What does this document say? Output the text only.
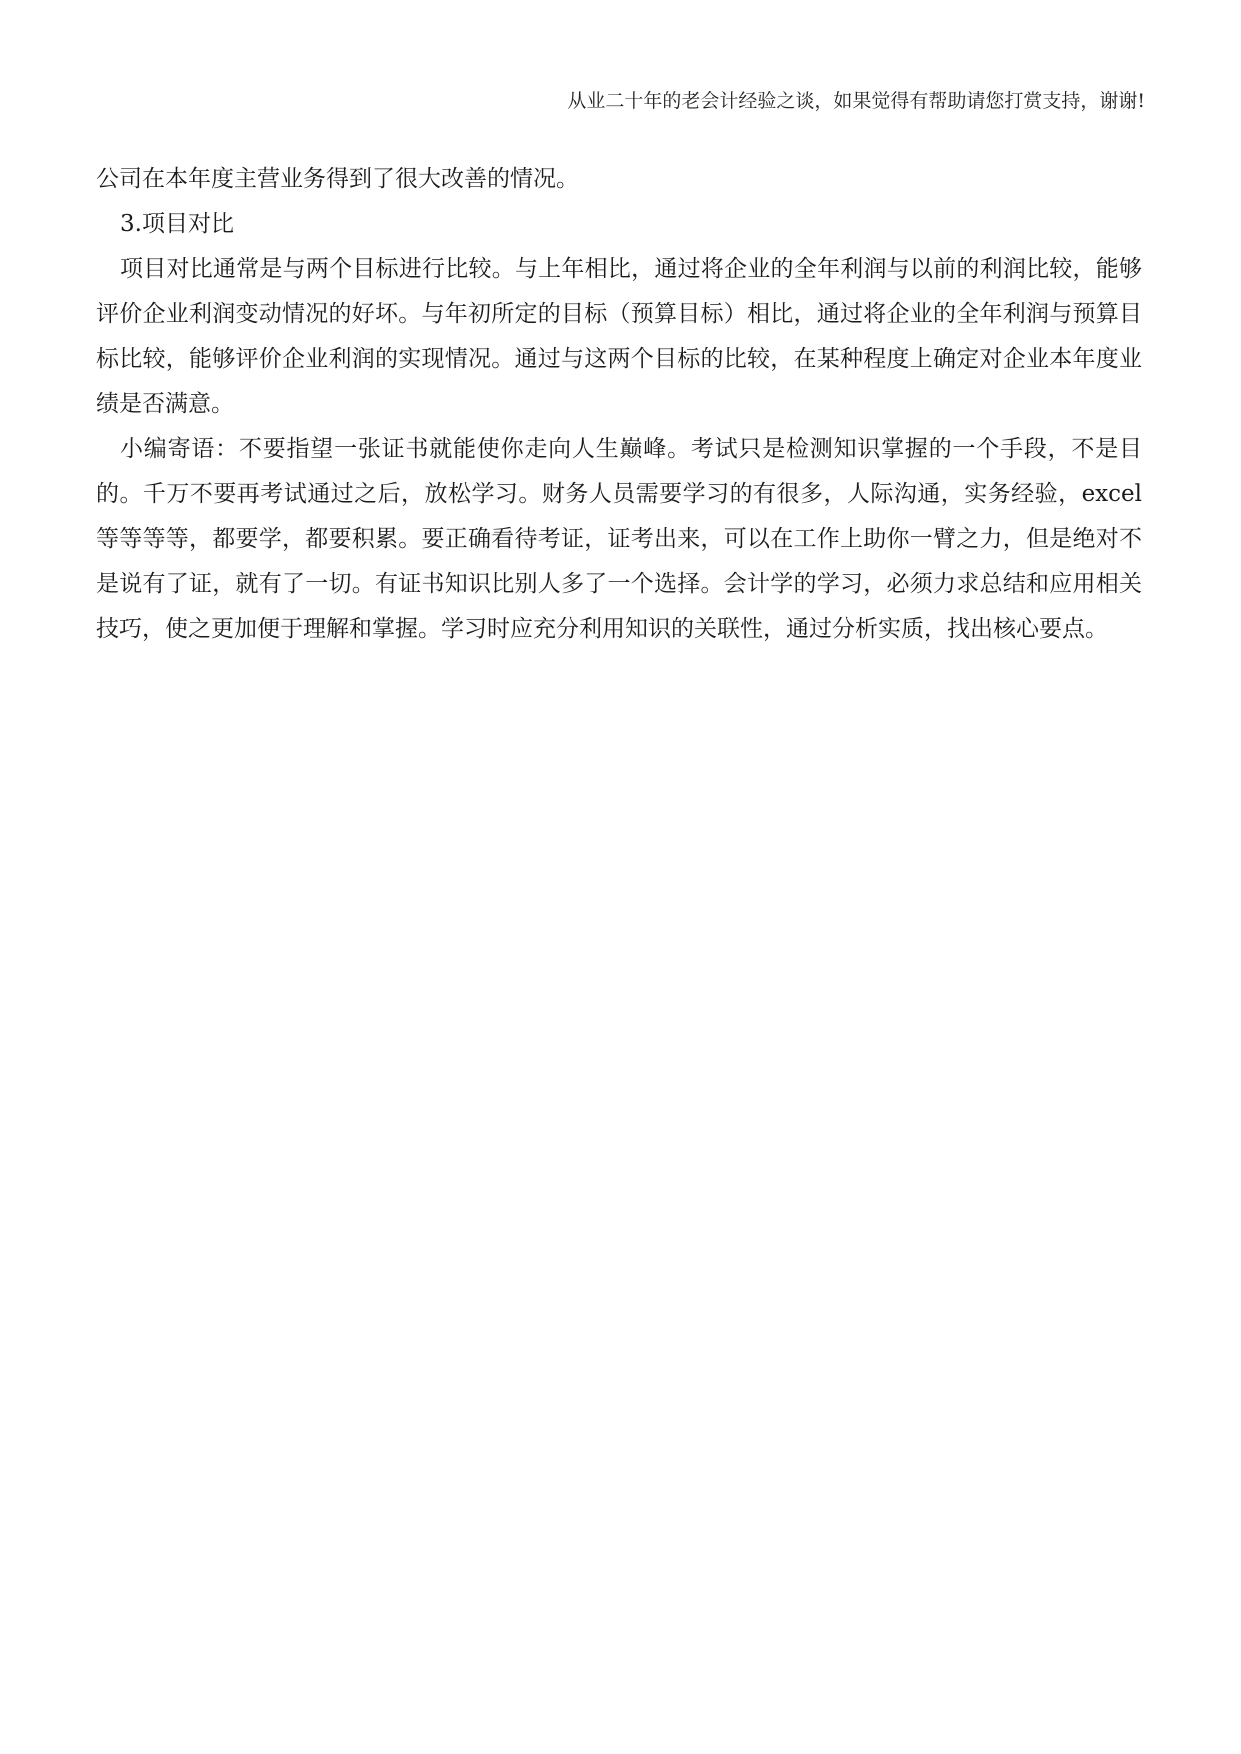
从业二十年的老会计经验之谈，如果觉得有帮助请您打赏支持，谢谢!

公司在本年度主营业务得到了很大改善的情况。

3.项目对比

项目对比通常是与两个目标进行比较。与上年相比，通过将企业的全年利润与以前的利润比较，能够评价企业利润变动情况的好坏。与年初所定的目标（预算目标）相比，通过将企业的全年利润与预算目标比较，能够评价企业利润的实现情况。通过与这两个目标的比较，在某种程度上确定对企业本年度业绩是否满意。

小编寄语：不要指望一张证书就能使你走向人生巅峰。考试只是检测知识掌握的一个手段，不是目的。千万不要再考试通过之后，放松学习。财务人员需要学习的有很多，人际沟通，实务经验，excel等等等等，都要学，都要积累。要正确看待考证，证考出来，可以在工作上助你一臂之力，但是绝对不是说有了证，就有了一切。有证书知识比别人多了一个选择。会计学的学习，必须力求总结和应用相关技巧，使之更加便于理解和掌握。学习时应充分利用知识的关联性，通过分析实质，找出核心要点。
